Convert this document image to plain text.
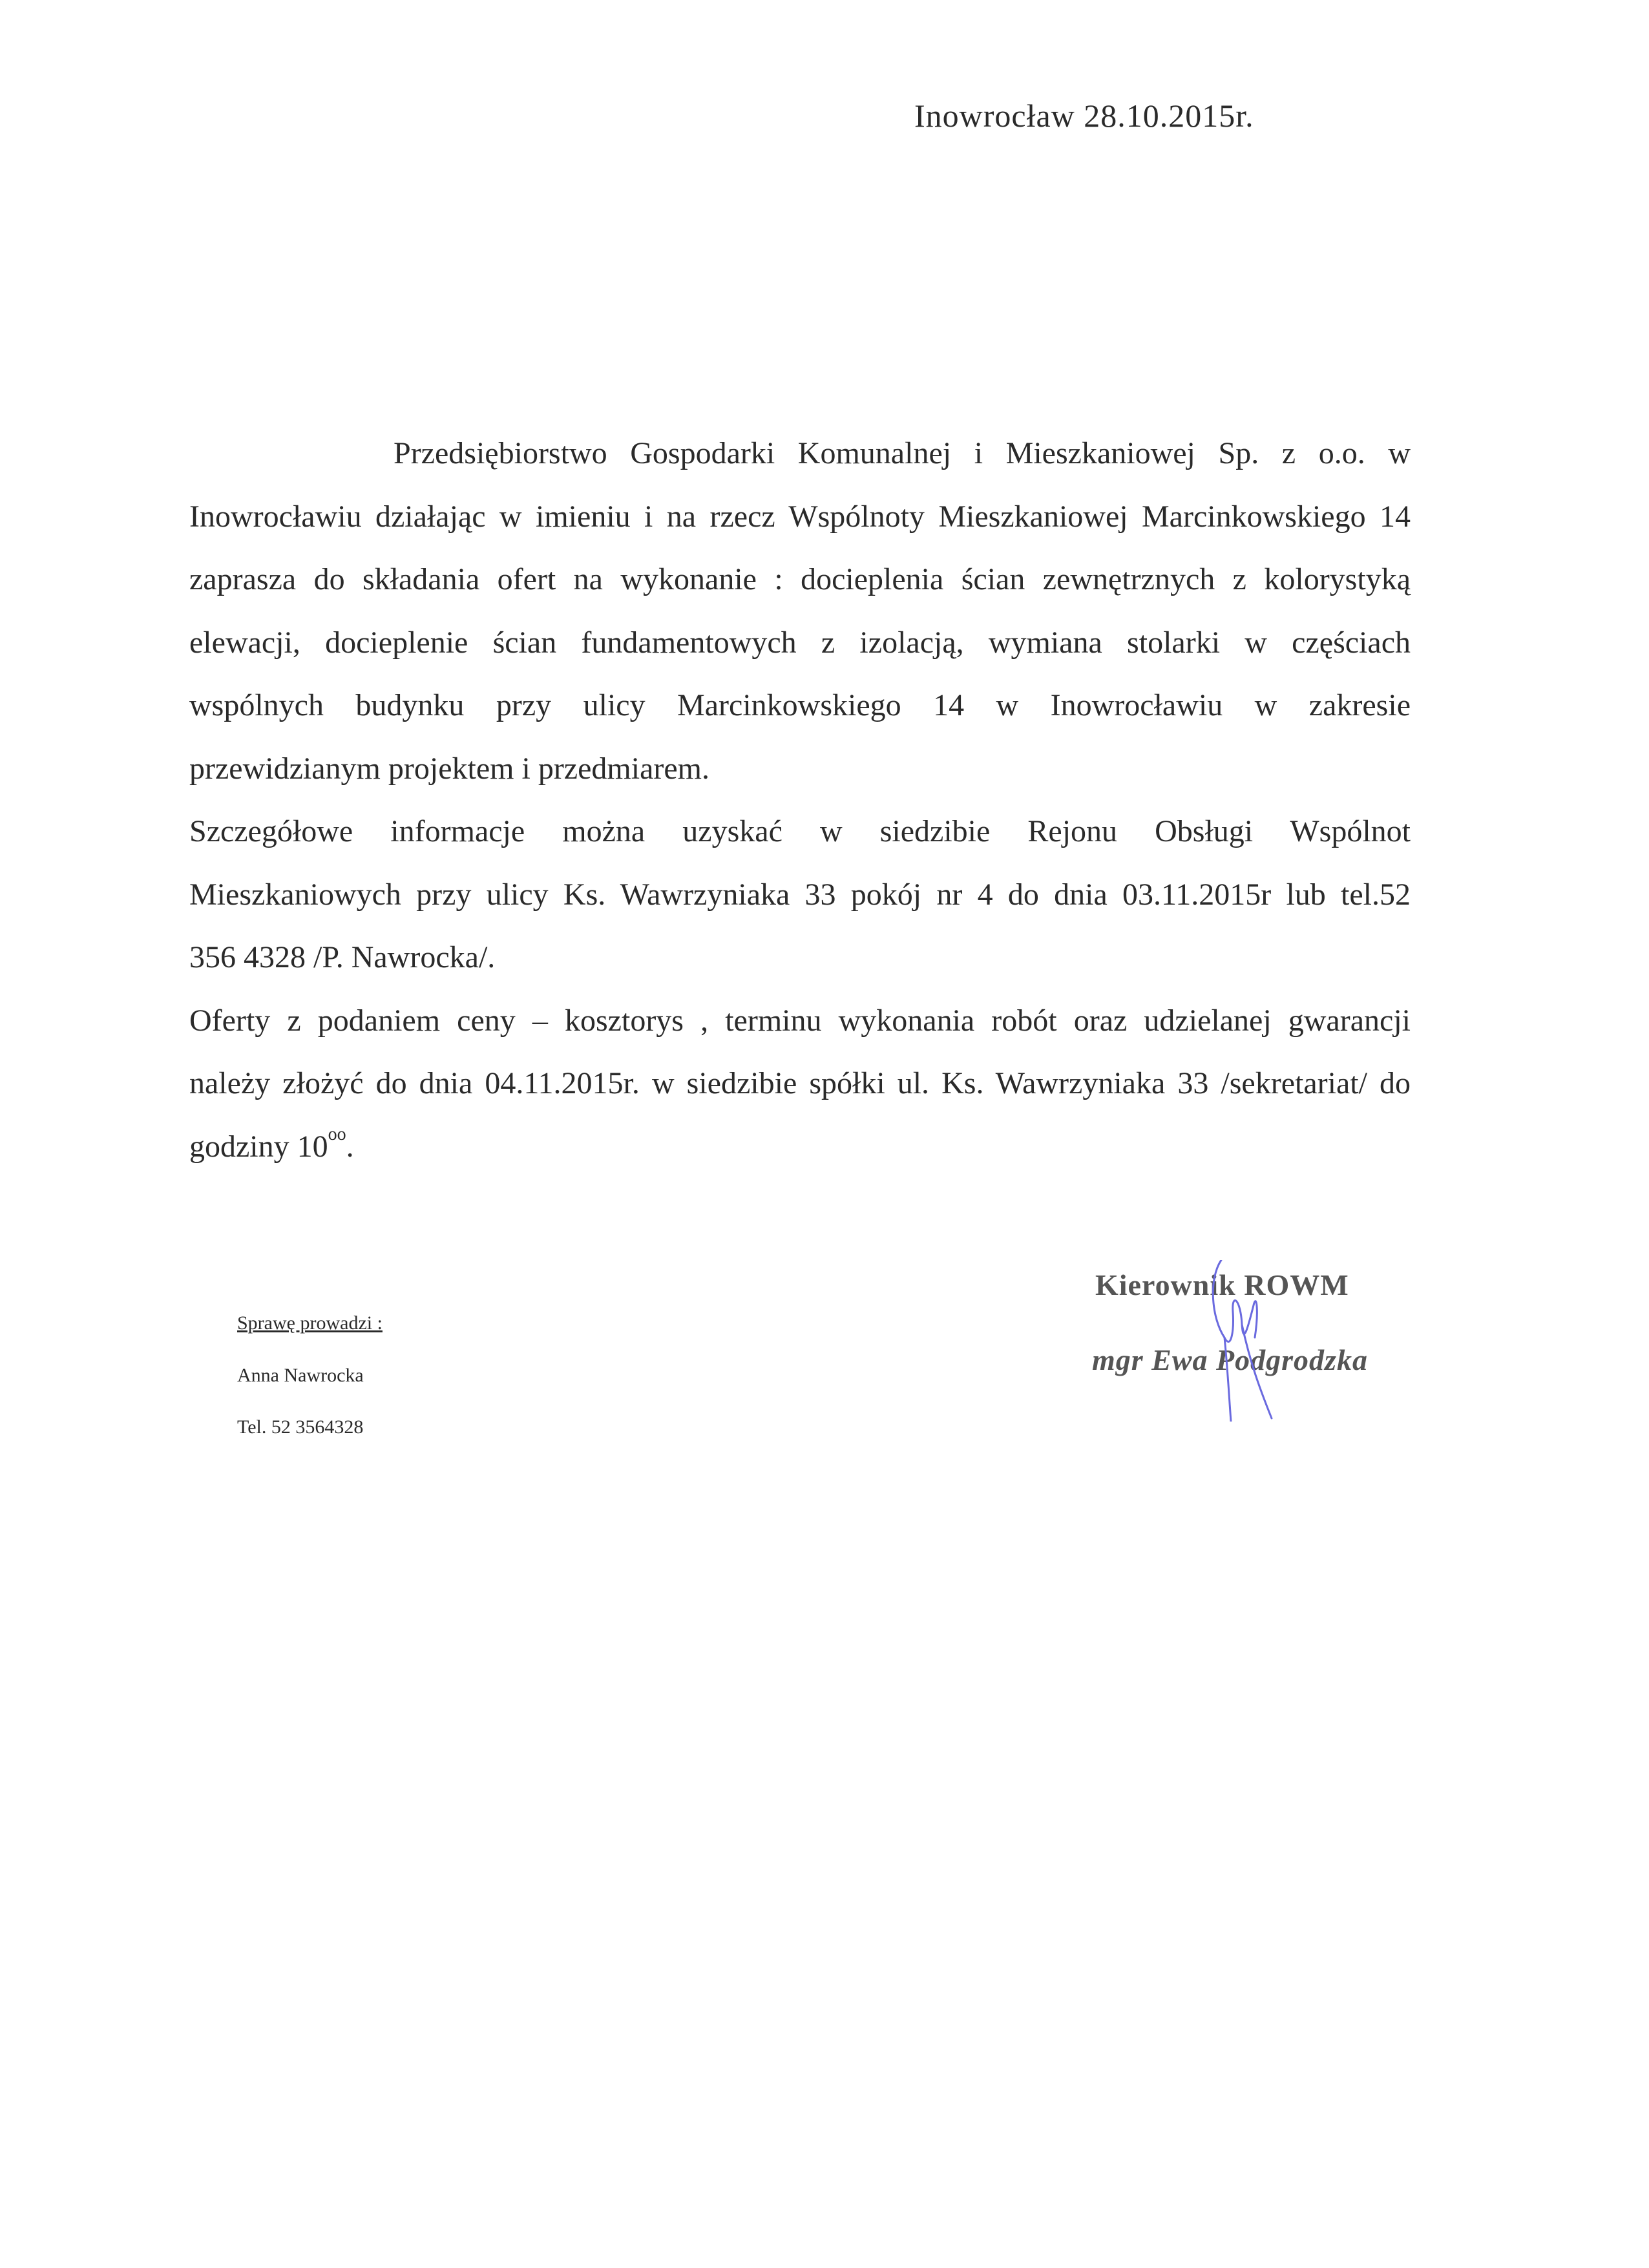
Inowrocław 28.10.2015r.
Przedsiębiorstwo Gospodarki Komunalnej i Mieszkaniowej Sp. z o.o. w
Inowrocławiu działając w imieniu i na rzecz Wspólnoty Mieszkaniowej Marcinkowskiego 14
zaprasza do składania ofert na wykonanie : docieplenia ścian zewnętrznych z kolorystyką
elewacji, docieplenie ścian fundamentowych z izolacją, wymiana stolarki w częściach
wspólnych budynku przy ulicy Marcinkowskiego 14 w Inowrocławiu w zakresie
przewidzianym projektem i przedmiarem.
Szczegółowe informacje można uzyskać w siedzibie Rejonu Obsługi Wspólnot
Mieszkaniowych przy ulicy Ks. Wawrzyniaka 33 pokój nr 4 do dnia 03.11.2015r lub tel.52
356 4328 /P. Nawrocka/.
Oferty z podaniem ceny – kosztorys , terminu wykonania robót oraz udzielanej gwarancji
należy złożyć do dnia 04.11.2015r. w siedzibie spółki ul. Ks. Wawrzyniaka 33 /sekretariat/ do
godziny $10^{oo}$.
Sprawę prowadzi :
Anna Nawrocka
Tel. 52 3564328
Kierownik ROWM
mgr Ewa Podgrodzka
